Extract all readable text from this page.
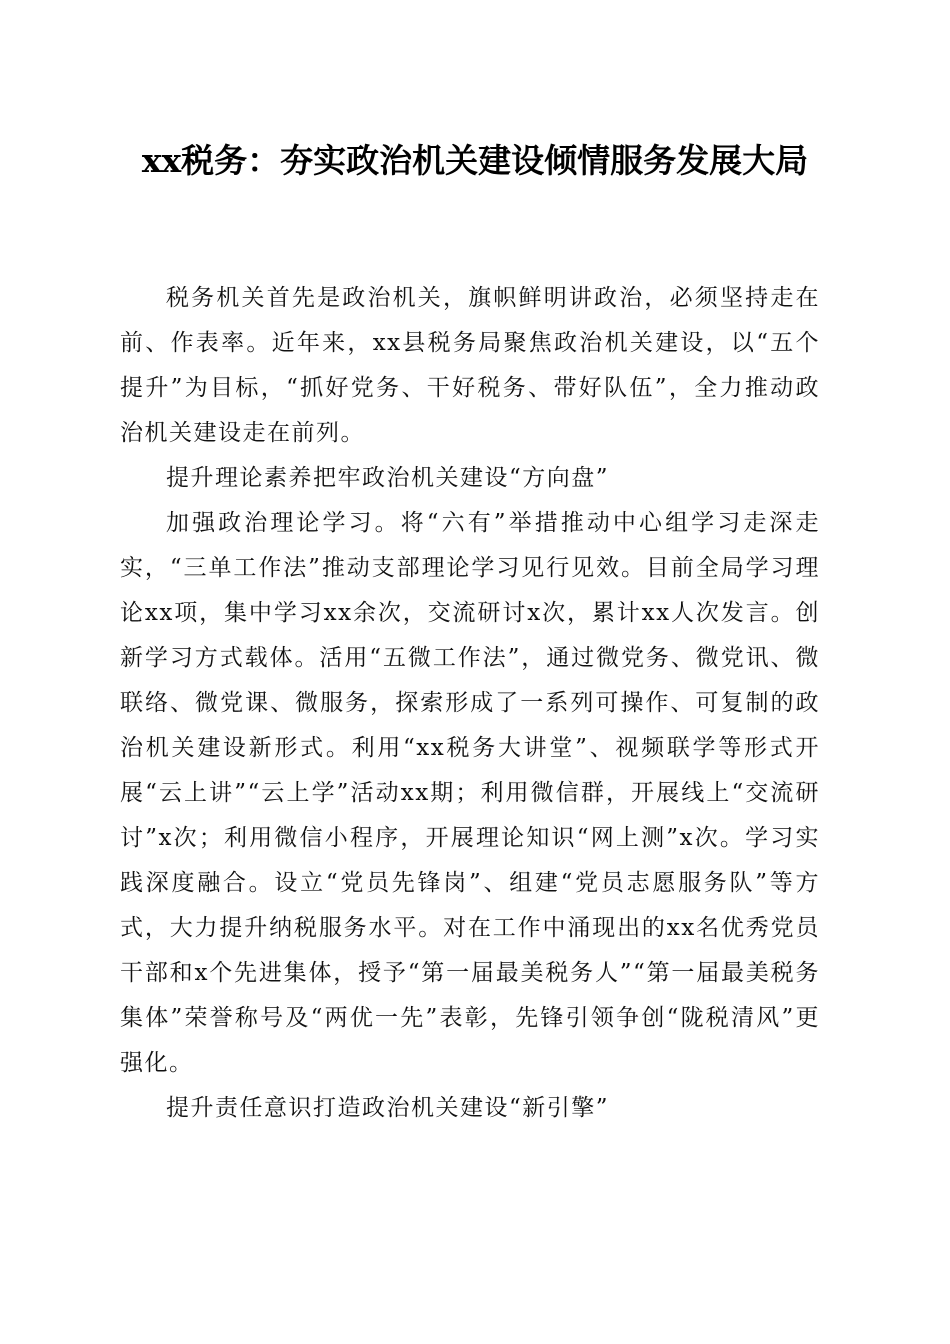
xx税务：夯实政治机关建设倾情服务发展大局

税务机关首先是政治机关，旗帜鲜明讲政治，必须坚持走在前、作表率。近年来，xx县税务局聚焦政治机关建设，以“五个提升”为目标，“抓好党务、干好税务、带好队伍”，全力推动政治机关建设走在前列。

提升理论素养把牢政治机关建设“方向盘”

加强政治理论学习。将“六有”举措推动中心组学习走深走实，“三单工作法”推动支部理论学习见行见效。目前全局学习理论xx项，集中学习xx余次，交流研讨x次，累计xx人次发言。创新学习方式载体。活用“五微工作法”，通过微党务、微党讯、微联络、微党课、微服务，探索形成了一系列可操作、可复制的政治机关建设新形式。利用“xx税务大讲堂”、视频联学等形式开展“云上讲”“云上学”活动xx期；利用微信群，开展线上“交流研讨”x次；利用微信小程序，开展理论知识“网上测”x次。学习实践深度融合。设立“党员先锋岗”、组建“党员志愿服务队”等方式，大力提升纳税服务水平。对在工作中涌现出的xx名优秀党员干部和x个先进集体，授予“第一届最美税务人”“第一届最美税务集体”荣誉称号及“两优一先”表彰，先锋引领争创“陇税清风”更强化。

提升责任意识打造政治机关建设“新引擎”
